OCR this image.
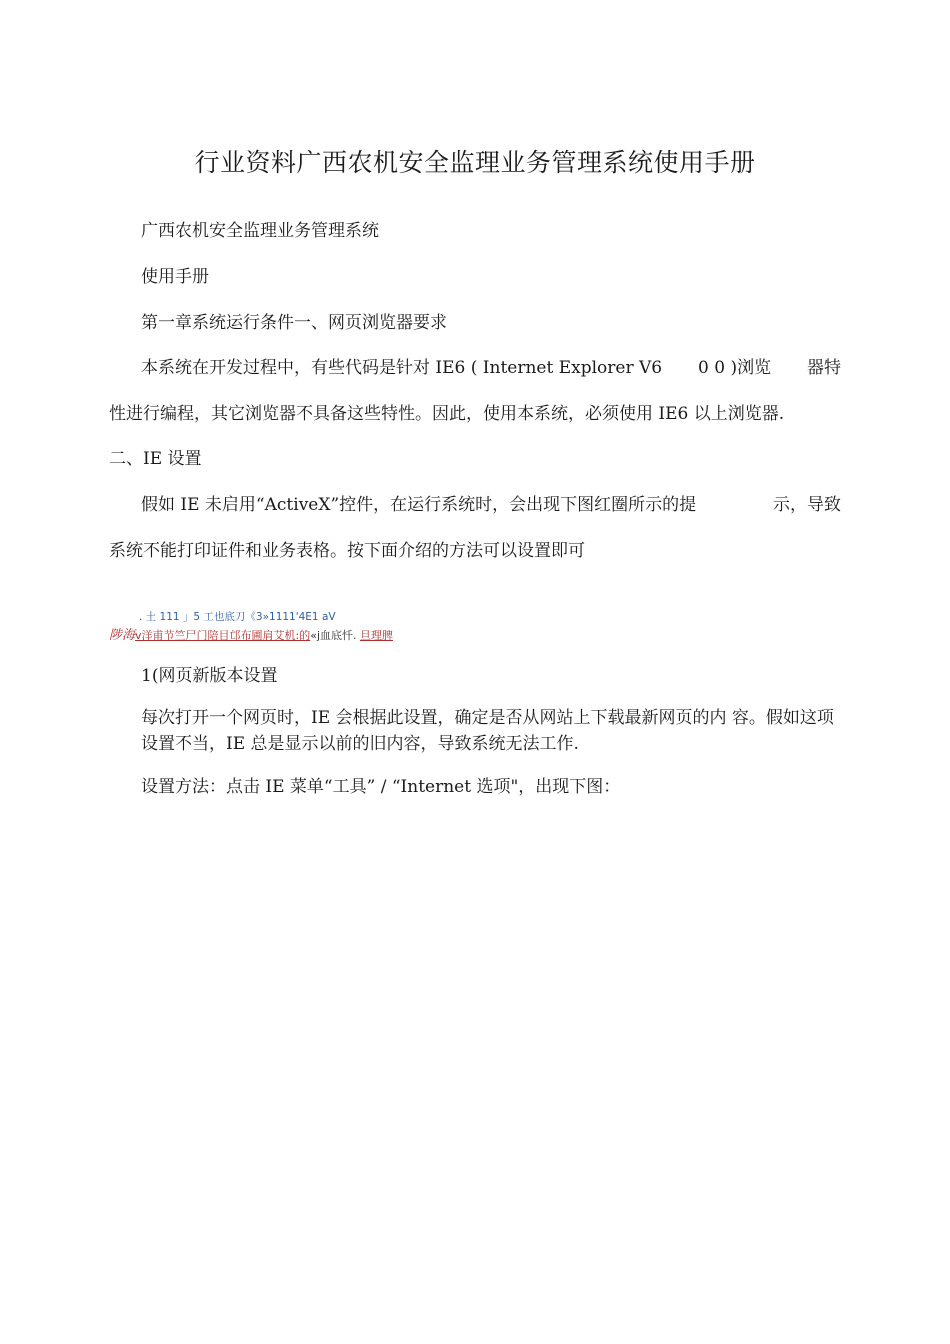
行业资料广西农机安全监理业务管理系统使用手册
广西农机安全监理业务管理系统
使用手册
第一章系统运行条件一、网页浏览器要求
本系统在开发过程中，有些代码是针对 IE6 ( Internet Explorer V6 0 0 )浏览 器特
性进行编程，其它浏览器不具备这些特性。因此，使用本系统，必须使用 IE6 以上浏览器.
二、IE 设置
假如 IE 未启用“ActiveX”控件，在运行系统时，会出现下图红圈所示的提	示，导致
系统不能打印证件和业务表格。按下面介绍的方法可以设置即可
. 土 111 」5 工也底刀《3»1111'4E1 aV
陟海v洋甫节竺尸门陪目邙布圃肩艾机:的«j血底忏. 旦理脾
1(网页新版本设置
每次打开一个网页时，IE 会根据此设置，确定是否从网站上下载最新网页的内 容。假如这项设置不当，IE 总是显示以前的旧内容，导致系统无法工作.
设置方法：点击 IE 菜单“工具” / “Internet 选项"，出现下图：
